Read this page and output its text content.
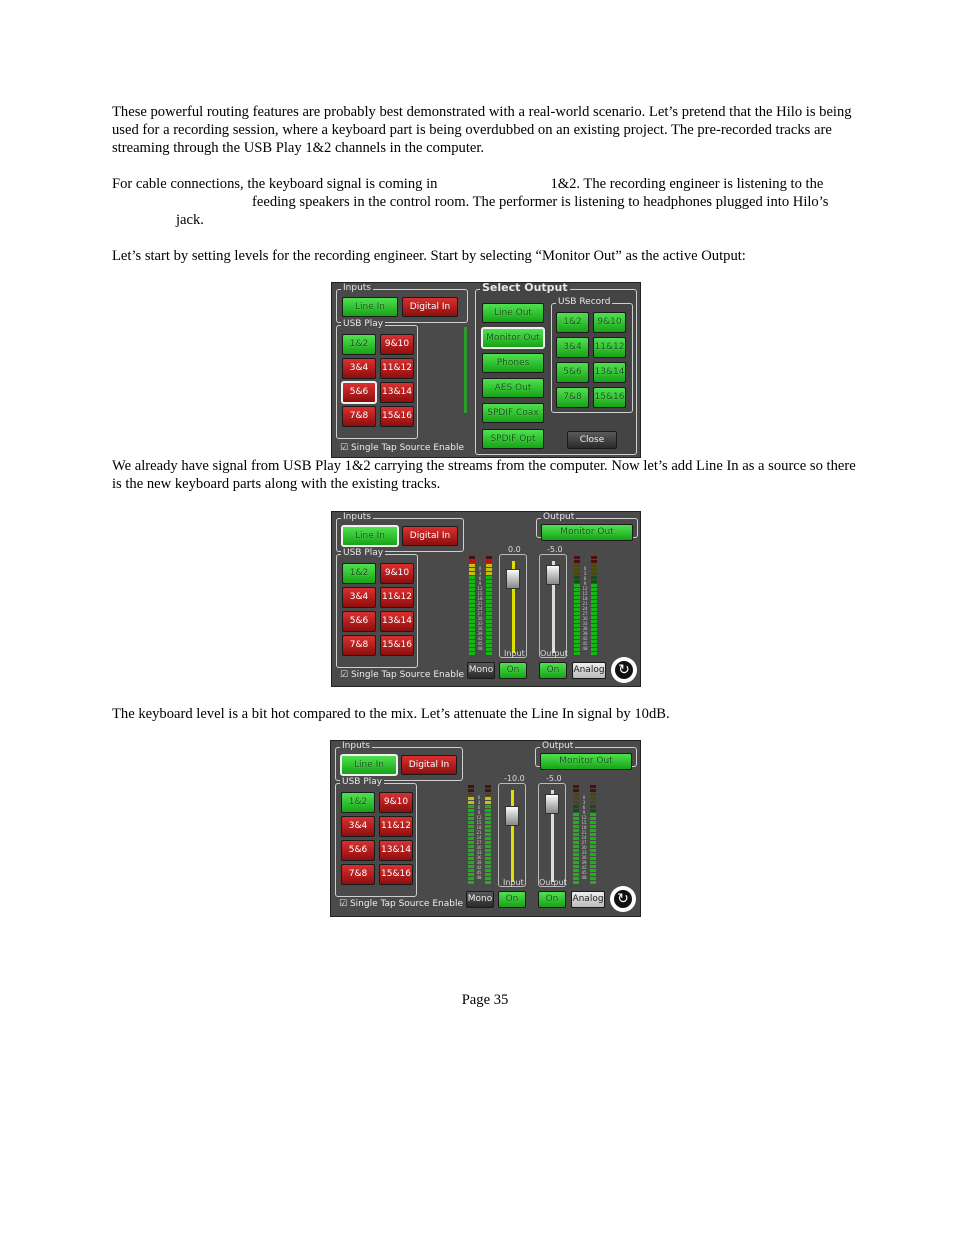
These powerful routing features are probably best demonstrated with a real-world scenario. Let’s pretend that the Hilo is being used for a recording session, where a keyboard part is being overdubbed on an existing project. The pre-recorded tracks are streaming through the USB Play 1&2 channels in the computer.

For cable connections, the keyboard signal is coming in	1&2. The recording engineer is listening to thefeeding speakers in the control room. The performer is listening to headphones plugged into Hilo’sjack.

Let’s start by setting levels for the recording engineer. Start by selecting “Monitor Out” as the active Output:

Inputs
Line In	Digital In
USB Play
1&2	9&10
3&4	11&12
5&6	13&14
7&8	15&16
☑ Single Tap Source Enable
Select Output
Line Out
Monitor Out
Phones
AES Out
SPDIF Coax
SPDIF Opt
USB Record
1&2	9&10
3&4	11&12
5&6	13&14
7&8	15&16
Close

We already have signal from USB Play 1&2 carrying the streams from the computer. Now let’s add Line In as a source so there is the new keyboard parts along with the existing tracks.

Inputs
Line In	Digital In
USB Play
1&2	9&10
3&4	11&12
5&6	13&14
7&8	15&16
☑ Single Tap Source Enable
0
3
6
9
12
15
18
21
24
27
30
33
36
39
42
45
48
0.0
Input
Mono	On
Output
Monitor Out
-5.0
Output
0
3
6
9
12
15
18
21
24
27
30
33
36
39
42
45
48
On	Analog ↻

The keyboard level is a bit hot compared to the mix. Let’s attenuate the Line In signal by 10dB.

Inputs
Line In	Digital In
USB Play
1&2	9&10
3&4	11&12
5&6	13&14
7&8	15&16
☑ Single Tap Source Enable
0
3
6
9
12
15
18
21
24
27
30
33
36
39
42
45
48
-10.0
Input
Mono	On
Output
Monitor Out
-5.0
Output
0
3
6
9
12
15
18
21
24
27
30
33
36
39
42
45
48
On	Analog ↻
Page 35
